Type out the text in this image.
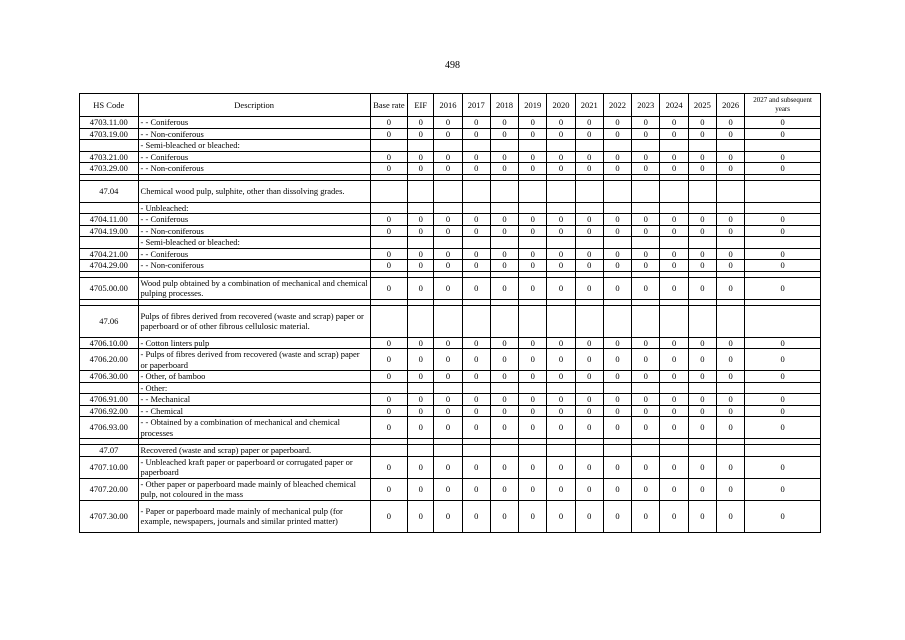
498
HS Code	Description	Base rate	EIF	2016	2017	2018	2019	2020	2021	2022	2023	2024	2025	2026	2027 and subsequent years
4703.11.00	- - Coniferous	0	0	0	0	0	0	0	0	0	0	0	0	0	0
4703.19.00	- - Non-coniferous	0	0	0	0	0	0	0	0	0	0	0	0	0	0
	- Semi-bleached or bleached:														
4703.21.00	- - Coniferous	0	0	0	0	0	0	0	0	0	0	0	0	0	0
4703.29.00	- - Non-coniferous	0	0	0	0	0	0	0	0	0	0	0	0	0	0

47.04	Chemical wood pulp, sulphite, other than dissolving grades.														
	- Unbleached:														
4704.11.00	- - Coniferous	0	0	0	0	0	0	0	0	0	0	0	0	0	0
4704.19.00	- - Non-coniferous	0	0	0	0	0	0	0	0	0	0	0	0	0	0
	- Semi-bleached or bleached:														
4704.21.00	- - Coniferous	0	0	0	0	0	0	0	0	0	0	0	0	0	0
4704.29.00	- - Non-coniferous	0	0	0	0	0	0	0	0	0	0	0	0	0	0

4705.00.00	Wood pulp obtained by a combination of mechanical and chemical pulping processes.	0	0	0	0	0	0	0	0	0	0	0	0	0	0

47.06	Pulps of fibres derived from recovered (waste and scrap) paper or paperboard or of other fibrous cellulosic material.														
4706.10.00	- Cotton linters pulp	0	0	0	0	0	0	0	0	0	0	0	0	0	0
4706.20.00	- Pulps of fibres derived from recovered (waste and scrap) paper or paperboard	0	0	0	0	0	0	0	0	0	0	0	0	0	0
4706.30.00	- Other, of bamboo	0	0	0	0	0	0	0	0	0	0	0	0	0	0
	- Other:														
4706.91.00	- - Mechanical	0	0	0	0	0	0	0	0	0	0	0	0	0	0
4706.92.00	- - Chemical	0	0	0	0	0	0	0	0	0	0	0	0	0	0
4706.93.00	- - Obtained by a combination of mechanical and chemical processes	0	0	0	0	0	0	0	0	0	0	0	0	0	0

47.07	Recovered (waste and scrap) paper or paperboard.														
4707.10.00	- Unbleached kraft paper or paperboard or corrugated paper or paperboard	0	0	0	0	0	0	0	0	0	0	0	0	0	0
4707.20.00	- Other paper or paperboard made mainly of bleached chemical pulp, not coloured in the mass	0	0	0	0	0	0	0	0	0	0	0	0	0	0
4707.30.00	- Paper or paperboard made mainly of mechanical pulp (for example, newspapers, journals and similar printed matter)	0	0	0	0	0	0	0	0	0	0	0	0	0	0
